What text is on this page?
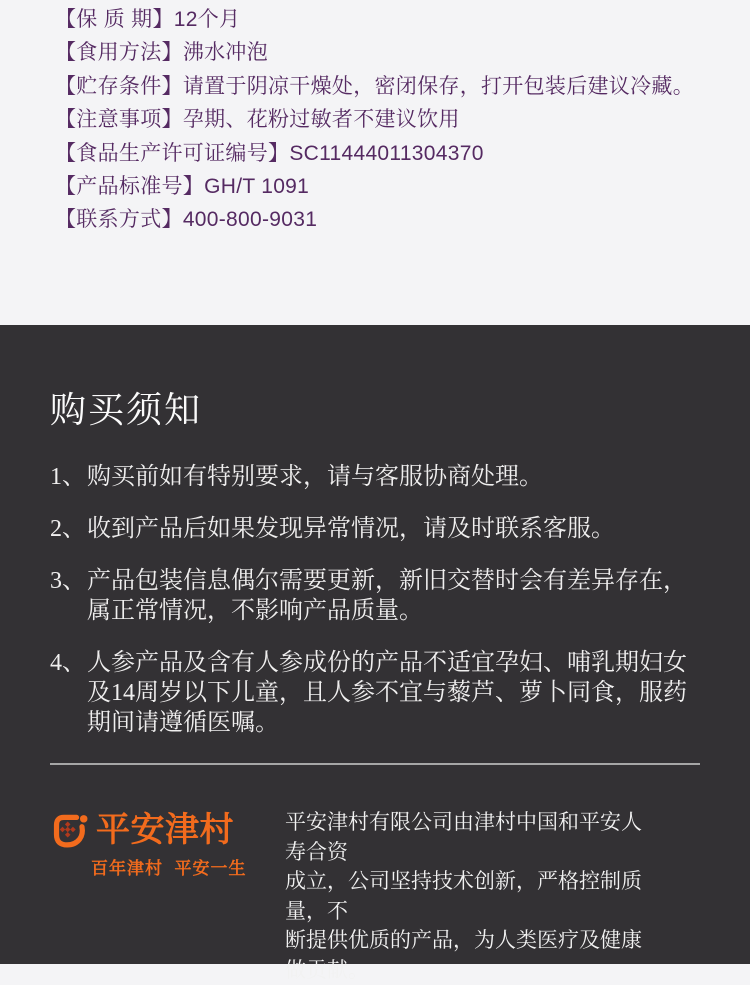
【保 质 期】12个月
【食用方法】沸水冲泡
【贮存条件】请置于阴凉干燥处，密闭保存，打开包装后建议冷藏。
【注意事项】孕期、花粉过敏者不建议饮用
【食品生产许可证编号】SC11444011304370
【产品标准号】GH/T 1091
【联系方式】400-800-9031
购买须知
1、 购买前如有特别要求，请与客服协商处理。
2、 收到产品后如果发现异常情况，请及时联系客服。
3、 产品包装信息偶尔需要更新，新旧交替时会有差异存在，
属正常情况，不影响产品质量。
4、 人参产品及含有人参成份的产品不适宜孕妇、哺乳期妇女
及14周岁以下儿童，且人参不宜与藜芦、萝卜同食，服药
期间请遵循医嘱。
平安津村
百年津村  平安一生
平安津村有限公司由津村中国和平安人寿合资
成立，公司坚持技术创新，严格控制质量，不
断提供优质的产品，为人类医疗及健康做贡献。
